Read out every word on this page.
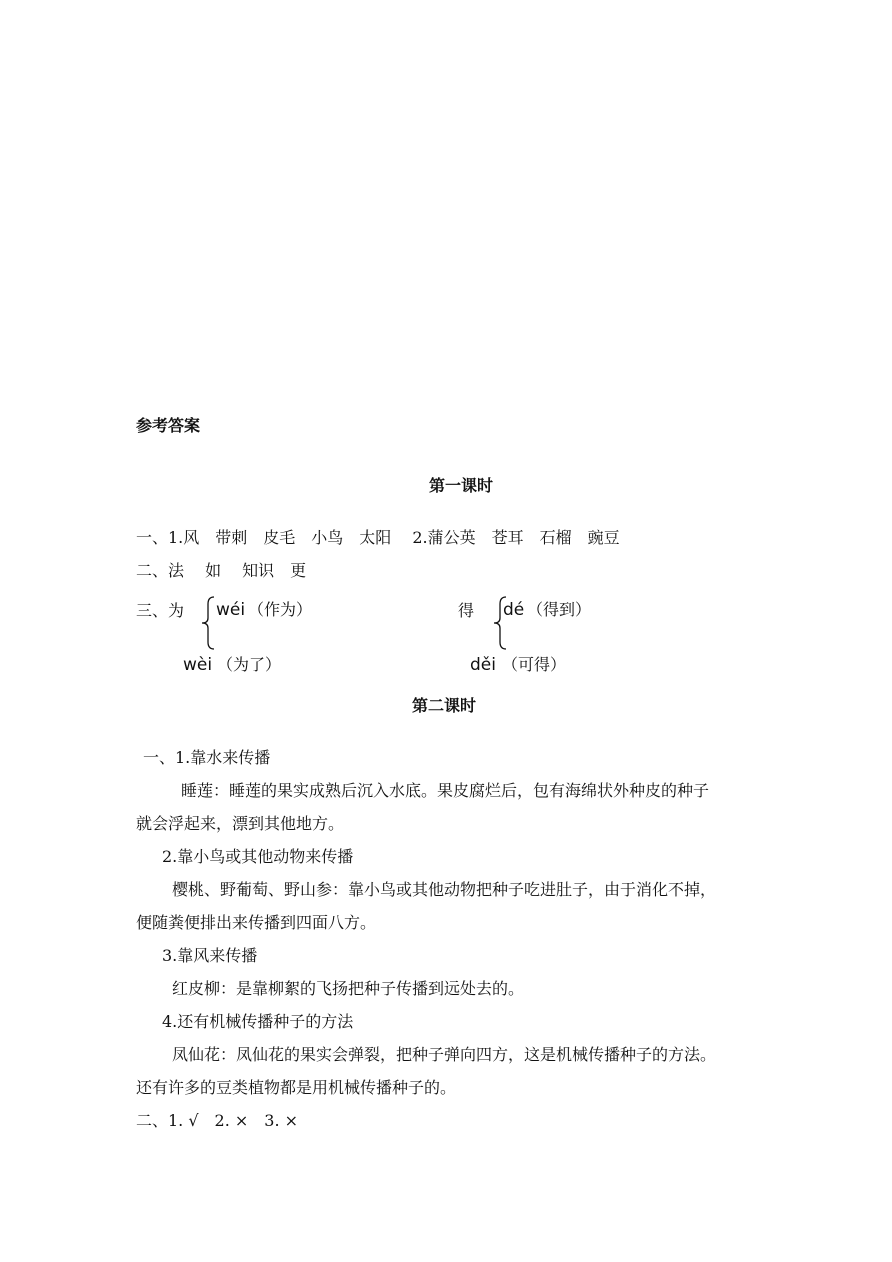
参考答案
第一课时
一、1.风　带刺　皮毛　小鸟　太阳　 2.蒲公英　苍耳　石榴　豌豆
二、法　 如　 知识　更
三、为 wéi （作为）
wèi （为了）
得 dé （得到）
děi （可得）
第二课时
一、1.靠水来传播
睡莲：睡莲的果实成熟后沉入水底。果皮腐烂后，包有海绵状外种皮的种子
就会浮起来，漂到其他地方。
2.靠小鸟或其他动物来传播
樱桃、野葡萄、野山参：靠小鸟或其他动物把种子吃进肚子，由于消化不掉，
便随粪便排出来传播到四面八方。
3.靠风来传播
红皮柳：是靠柳絮的飞扬把种子传播到远处去的。
4.还有机械传播种子的方法
凤仙花：凤仙花的果实会弹裂，把种子弹向四方，这是机械传播种子的方法。
还有许多的豆类植物都是用机械传播种子的。
二、1. √　2. ×　3. ×
